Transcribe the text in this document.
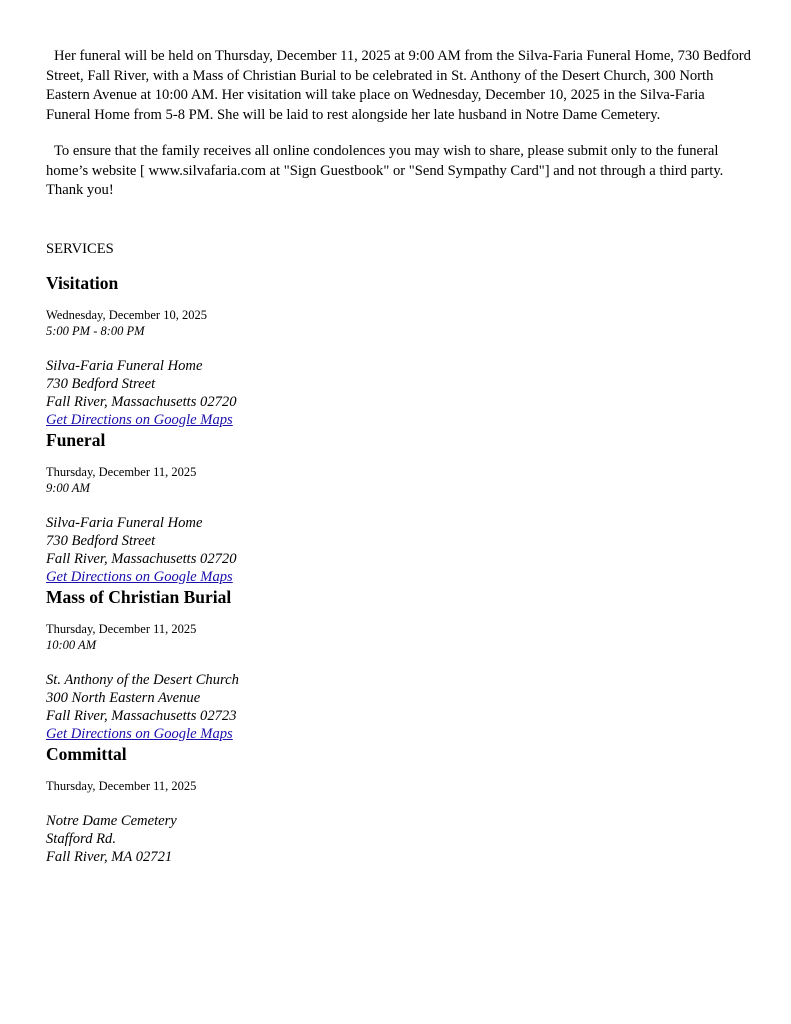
Her funeral will be held on Thursday, December 11, 2025 at 9:00 AM from the Silva-Faria Funeral Home, 730 Bedford Street, Fall River, with a Mass of Christian Burial to be celebrated in St. Anthony of the Desert Church, 300 North Eastern Avenue at 10:00 AM. Her visitation will take place on Wednesday, December 10, 2025 in the Silva-Faria Funeral Home from 5-8 PM. She will be laid to rest alongside her late husband in Notre Dame Cemetery.

To ensure that the family receives all online condolences you may wish to share, please submit only to the funeral home’s website [ www.silvafaria.com at "Sign Guestbook" or "Send Sympathy Card"] and not through a third party. Thank you!

SERVICES

Visitation

Wednesday, December 10, 2025

5:00 PM - 8:00 PM

Silva-Faria Funeral Home

730 Bedford Street

Fall River, Massachusetts 02720

Get Directions on Google Maps
Funeral

Thursday, December 11, 2025

9:00 AM

Silva-Faria Funeral Home

730 Bedford Street

Fall River, Massachusetts 02720

Get Directions on Google Maps
Mass of Christian Burial

Thursday, December 11, 2025

10:00 AM

St. Anthony of the Desert Church

300 North Eastern Avenue

Fall River, Massachusetts 02723

Get Directions on Google Maps
Committal

Thursday, December 11, 2025

Notre Dame Cemetery

Stafford Rd.

Fall River, MA 02721
